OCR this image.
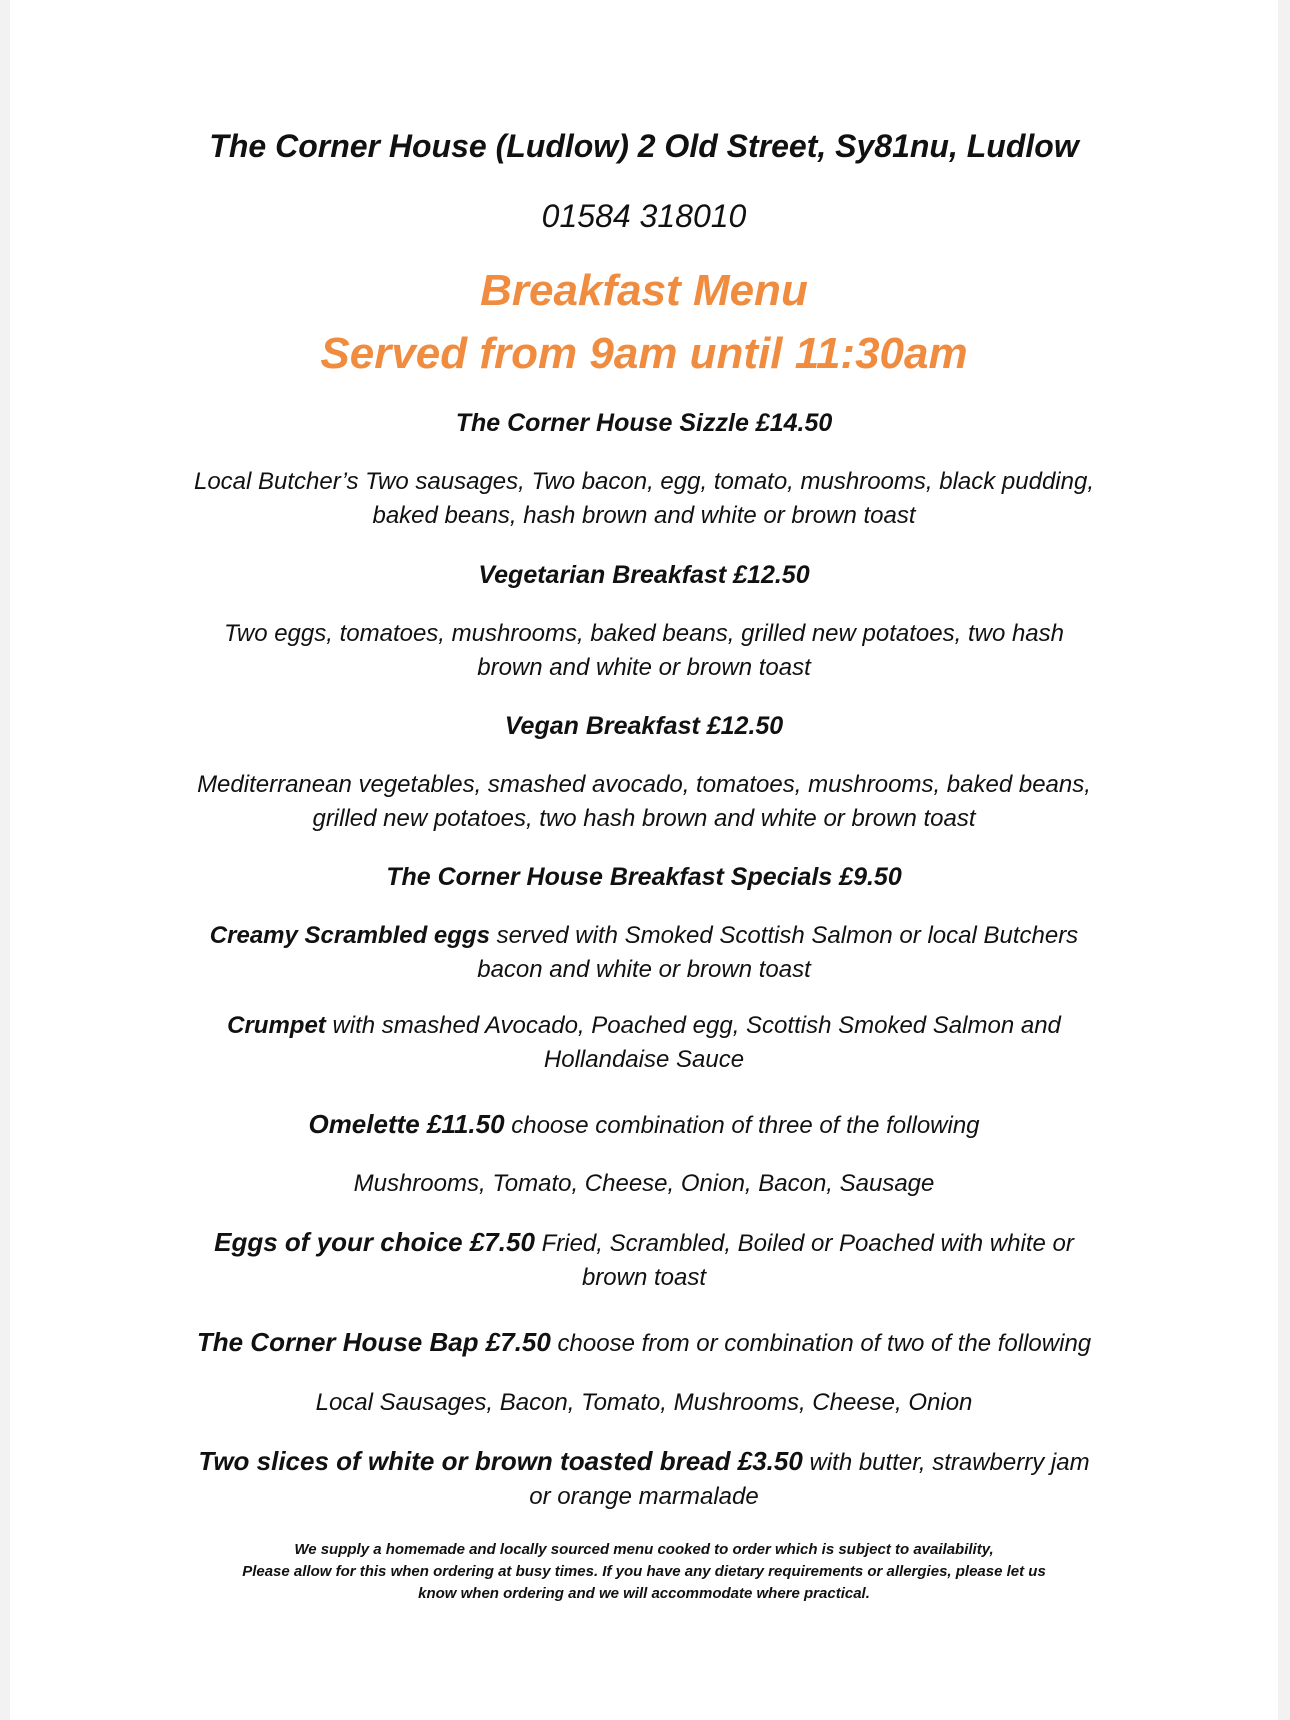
The Corner House (Ludlow) 2 Old Street, Sy81nu, Ludlow
01584 318010
Breakfast Menu
Served from 9am until 11:30am
The Corner House Sizzle £14.50
Local Butcher’s Two sausages, Two bacon, egg, tomato, mushrooms, black pudding,
baked beans, hash brown and white or brown toast
Vegetarian Breakfast £12.50
Two eggs, tomatoes, mushrooms, baked beans, grilled new potatoes, two hash
brown and white or brown toast
Vegan Breakfast £12.50
Mediterranean vegetables, smashed avocado, tomatoes, mushrooms, baked beans,
grilled new potatoes, two hash brown and white or brown toast
The Corner House Breakfast Specials £9.50
Creamy Scrambled eggs served with Smoked Scottish Salmon or local Butchers
bacon and white or brown toast
Crumpet with smashed Avocado, Poached egg, Scottish Smoked Salmon and
Hollandaise Sauce
Omelette £11.50 choose combination of three of the following
Mushrooms, Tomato, Cheese, Onion, Bacon, Sausage
Eggs of your choice £7.50 Fried, Scrambled, Boiled or Poached with white or
brown toast
The Corner House Bap £7.50 choose from or combination of two of the following
Local Sausages, Bacon, Tomato, Mushrooms, Cheese, Onion
Two slices of white or brown toasted bread £3.50 with butter, strawberry jam
or orange marmalade
We supply a homemade and locally sourced menu cooked to order which is subject to availability,
Please allow for this when ordering at busy times. If you have any dietary requirements or allergies, please let us
know when ordering and we will accommodate where practical.
